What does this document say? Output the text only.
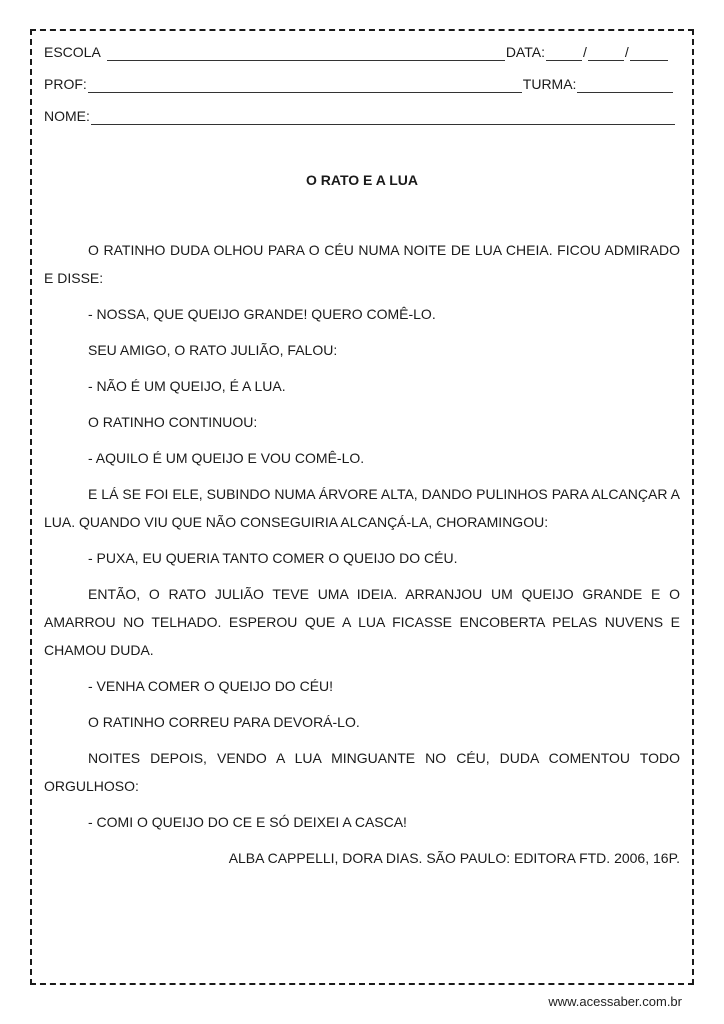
ESCOLA	DATA:	/	/
PROF:	TURMA:
NOME:
O RATO E A LUA

O RATINHO DUDA OLHOU PARA O CÉU NUMA NOITE DE LUA CHEIA. FICOU ADMIRADO E DISSE:

- NOSSA, QUE QUEIJO GRANDE! QUERO COMÊ-LO.

SEU AMIGO, O RATO JULIÃO, FALOU:

- NÃO É UM QUEIJO, É A LUA.

O RATINHO CONTINUOU:

- AQUILO É UM QUEIJO E VOU COMÊ-LO.

E LÁ SE FOI ELE, SUBINDO NUMA ÁRVORE ALTA, DANDO PULINHOS PARA ALCANÇAR A LUA. QUANDO VIU QUE NÃO CONSEGUIRIA ALCANÇÁ-LA, CHORAMINGOU:

- PUXA, EU QUERIA TANTO COMER O QUEIJO DO CÉU.

ENTÃO, O RATO JULIÃO TEVE UMA IDEIA. ARRANJOU UM QUEIJO GRANDE E O AMARROU NO TELHADO. ESPEROU QUE A LUA FICASSE ENCOBERTA PELAS NUVENS E CHAMOU DUDA.

- VENHA COMER O QUEIJO DO CÉU!

O RATINHO CORREU PARA DEVORÁ-LO.

NOITES DEPOIS, VENDO A LUA MINGUANTE NO CÉU, DUDA COMENTOU TODO ORGULHOSO:

- COMI O QUEIJO DO CE E SÓ DEIXEI A CASCA!

ALBA CAPPELLI, DORA DIAS. SÃO PAULO: EDITORA FTD. 2006, 16P.

www.acessaber.com.br
